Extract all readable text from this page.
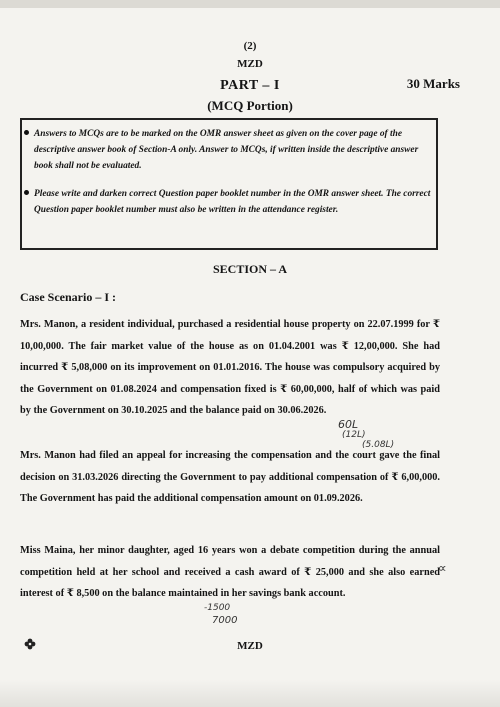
(2)
MZD
PART – I	30 Marks
(MCQ Portion)
Answers to MCQs are to be marked on the OMR answer sheet as given on the cover page of the descriptive answer book of Section-A only. Answer to MCQs, if written inside the descriptive answer book shall not be evaluated.
Please write and darken correct Question paper booklet number in the OMR answer sheet. The correct Question paper booklet number must also be written in the attendance register.
SECTION – A
Case Scenario – I :
Mrs. Manon, a resident individual, purchased a residential house property on 22.07.1999 for ₹ 10,00,000. The fair market value of the house as on 01.04.2001 was ₹ 12,00,000. She had incurred ₹ 5,08,000 on its improvement on 01.01.2016. The house was compulsory acquired by the Government on 01.08.2024 and compensation fixed is ₹ 60,00,000, half of which was paid by the Government on 30.10.2025 and the balance paid on 30.06.2026.
Mrs. Manon had filed an appeal for increasing the compensation and the court gave the final decision on 31.03.2026 directing the Government to pay additional compensation of ₹ 6,00,000. The Government has paid the additional compensation amount on 01.09.2026.
Miss Maina, her minor daughter, aged 16 years won a debate competition during the annual competition held at her school and received a cash award of ₹ 25,000 and she also earned interest of ₹ 8,500 on the balance maintained in her savings bank account.
60L
(12L)
(5.08L)
∝
-1500
7000
MZD
